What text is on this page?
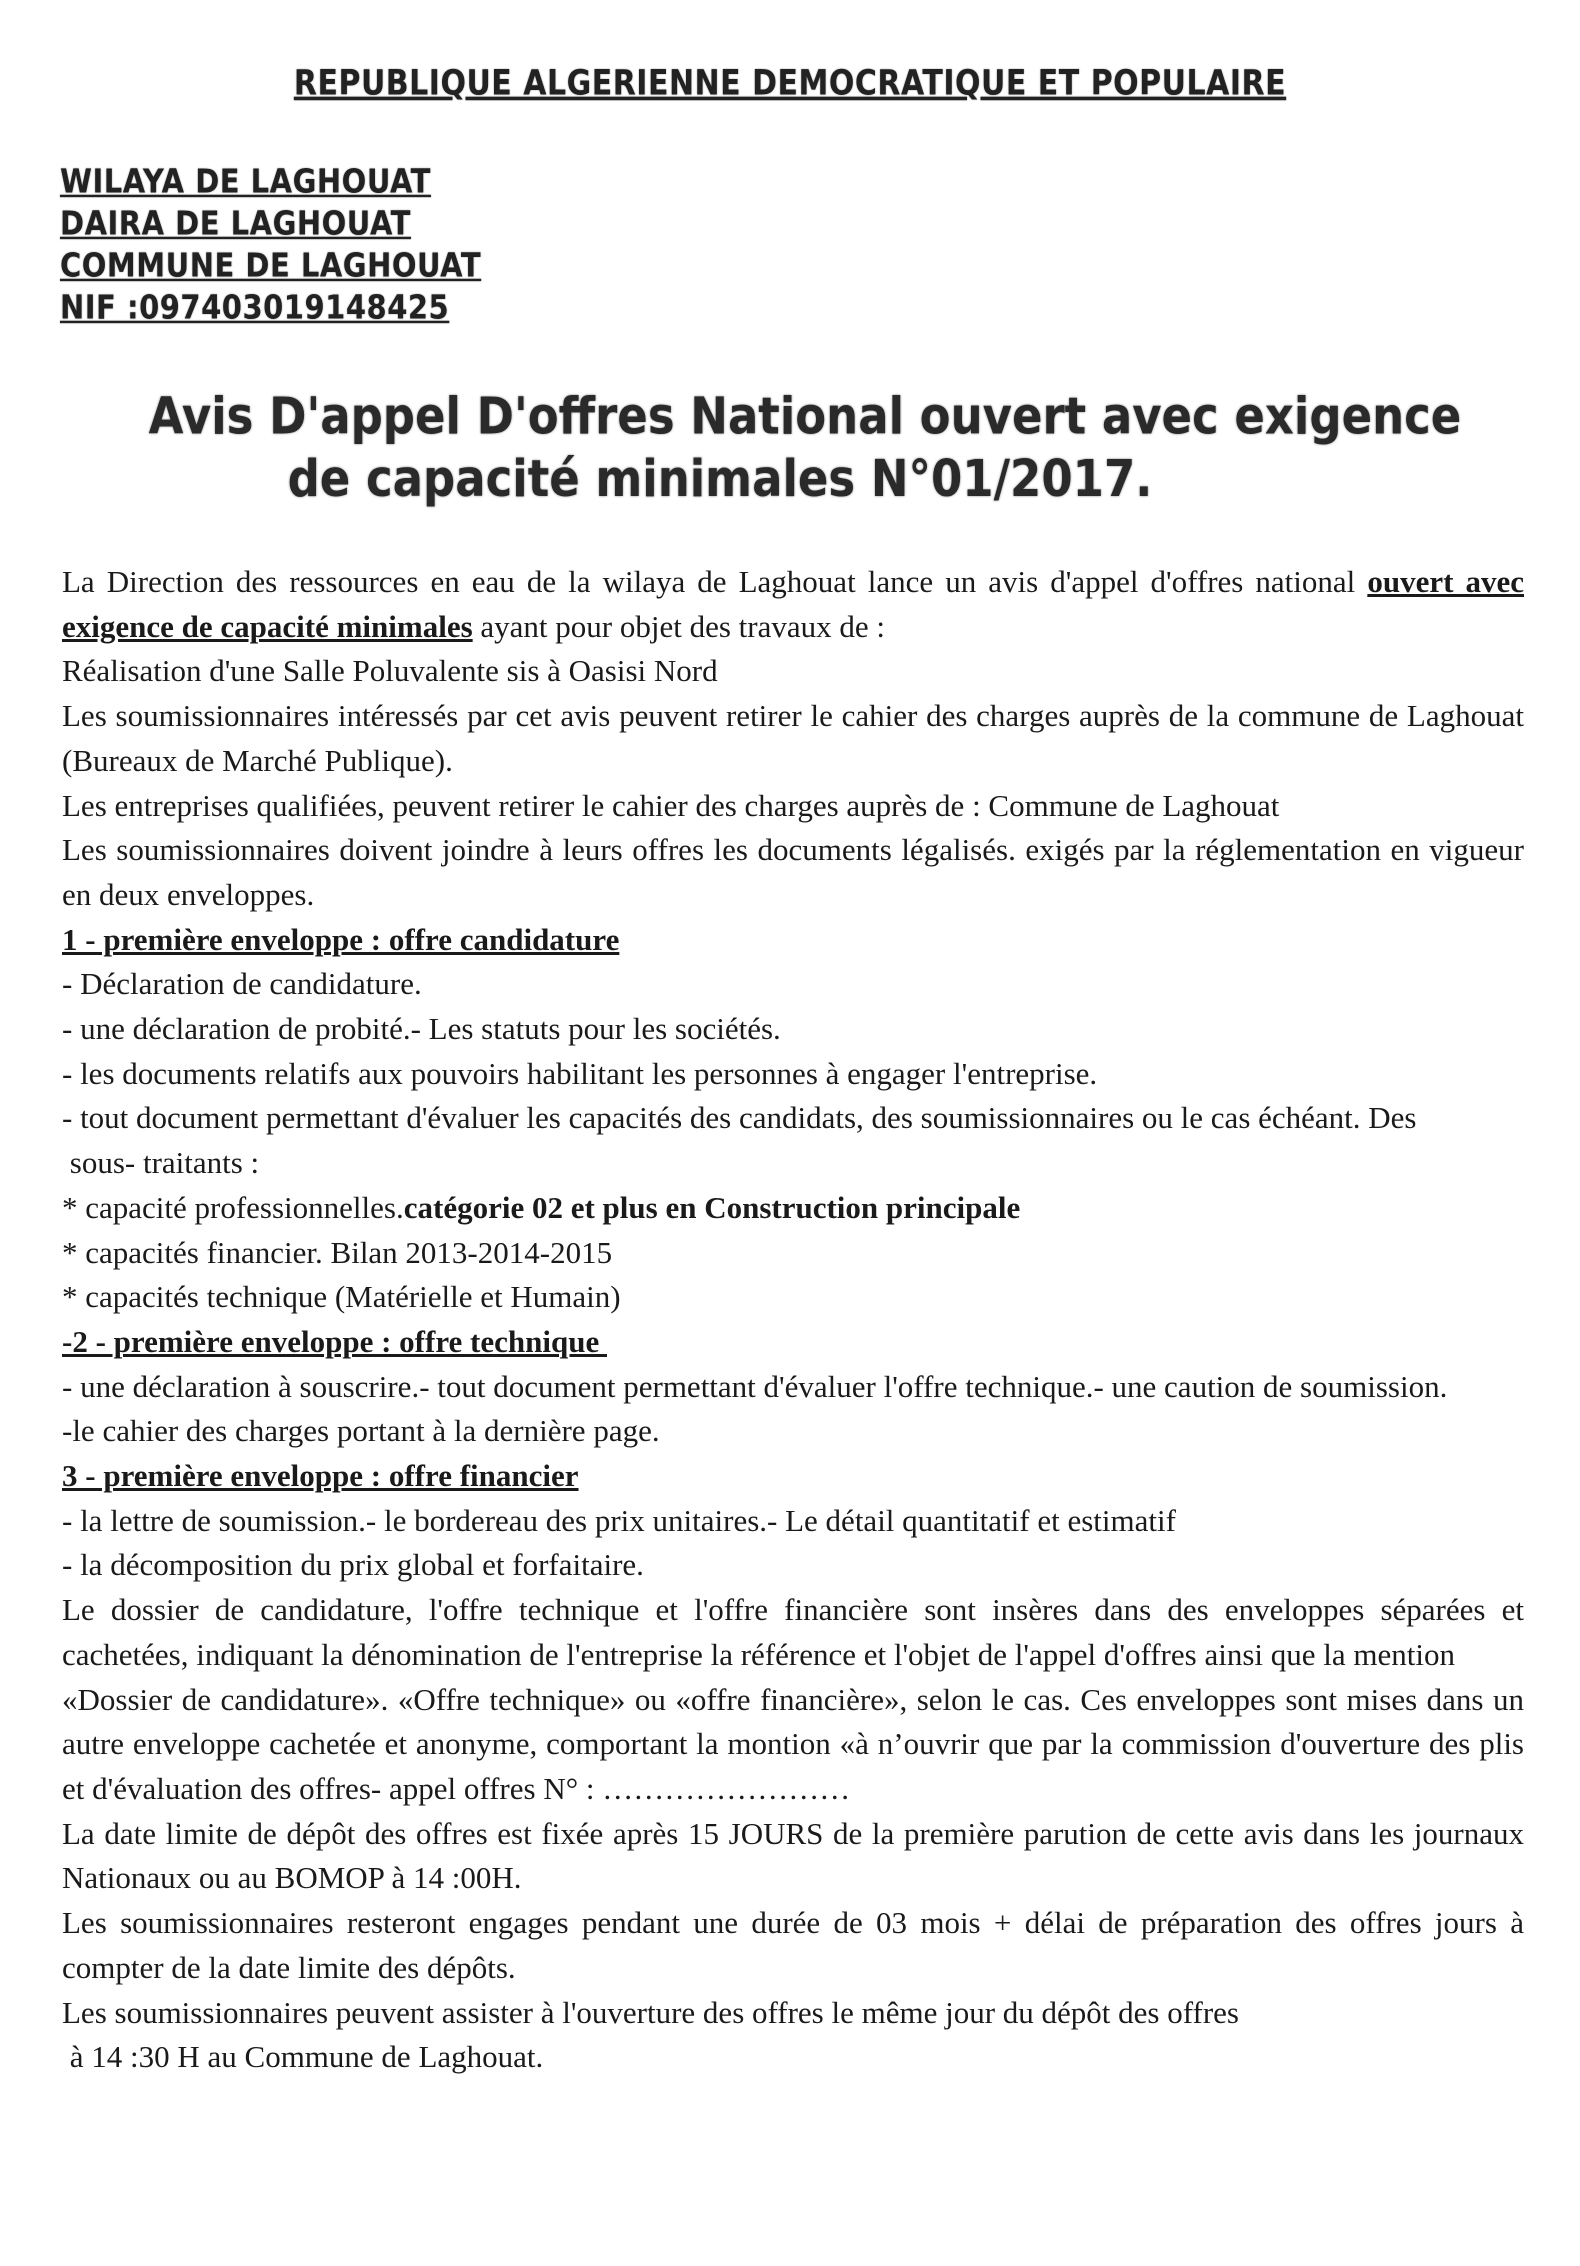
REPUBLIQUE ALGERIENNE DEMOCRATIQUE ET POPULAIRE
WILAYA DE LAGHOUAT
DAIRA DE LAGHOUAT
COMMUNE DE LAGHOUAT
NIF :097403019148425
Avis D'appel D'offres National ouvert avec exigence
de capacité minimales N°01/2017.

La Direction des ressources en eau de la wilaya de Laghouat lance un avis d'appel d'offres national ouvert avec exigence de capacité minimales ayant pour objet des travaux de :

Réalisation d'une Salle Poluvalente sis à Oasisi Nord

Les soumissionnaires intéressés par cet avis peuvent retirer le cahier des charges auprès de la commune de Laghouat (Bureaux de Marché Publique).

Les entreprises qualifiées, peuvent retirer le cahier des charges auprès de : Commune de Laghouat

Les soumissionnaires doivent joindre à leurs offres les documents légalisés. exigés par la réglementation en vigueur en deux enveloppes.

1 - première enveloppe : offre candidature

- Déclaration de candidature.

- une déclaration de probité.- Les statuts pour les sociétés.

- les documents relatifs aux pouvoirs habilitant les personnes à engager l'entreprise.

- tout document permettant d'évaluer les capacités des candidats, des soumissionnaires ou le cas échéant. Des

sous- traitants :

* capacité professionnelles.catégorie 02 et plus en Construction principale

* capacités financier. Bilan 2013-2014-2015

* capacités technique (Matérielle et Humain)

-2 - première enveloppe : offre technique

- une déclaration à souscrire.- tout document permettant d'évaluer l'offre technique.- une caution de soumission.

-le cahier des charges portant à la dernière page.

3 - première enveloppe : offre financier

- la lettre de soumission.- le bordereau des prix unitaires.- Le détail quantitatif et estimatif

- la décomposition du prix global et forfaitaire.

Le dossier de candidature, l'offre technique et l'offre financière sont insères dans des enveloppes séparées et cachetées, indiquant la dénomination de l'entreprise la référence et l'objet de l'appel d'offres ainsi que la mention

«Dossier de candidature». «Offre technique» ou «offre financière», selon le cas. Ces enveloppes sont mises dans un autre enveloppe cachetée et anonyme, comportant la montion «à n’ouvrir que par la commission d'ouverture des plis et d'évaluation des offres- appel offres N° : ……………………

La date limite de dépôt des offres est fixée après 15 JOURS de la première parution de cette avis dans les journaux Nationaux ou au BOMOP à 14 :00H.

Les soumissionnaires resteront engages pendant une durée de 03 mois + délai de préparation des offres jours à compter de la date limite des dépôts.

Les soumissionnaires peuvent assister à l'ouverture des offres le même jour du dépôt des offres

à 14 :30 H au Commune de Laghouat.
